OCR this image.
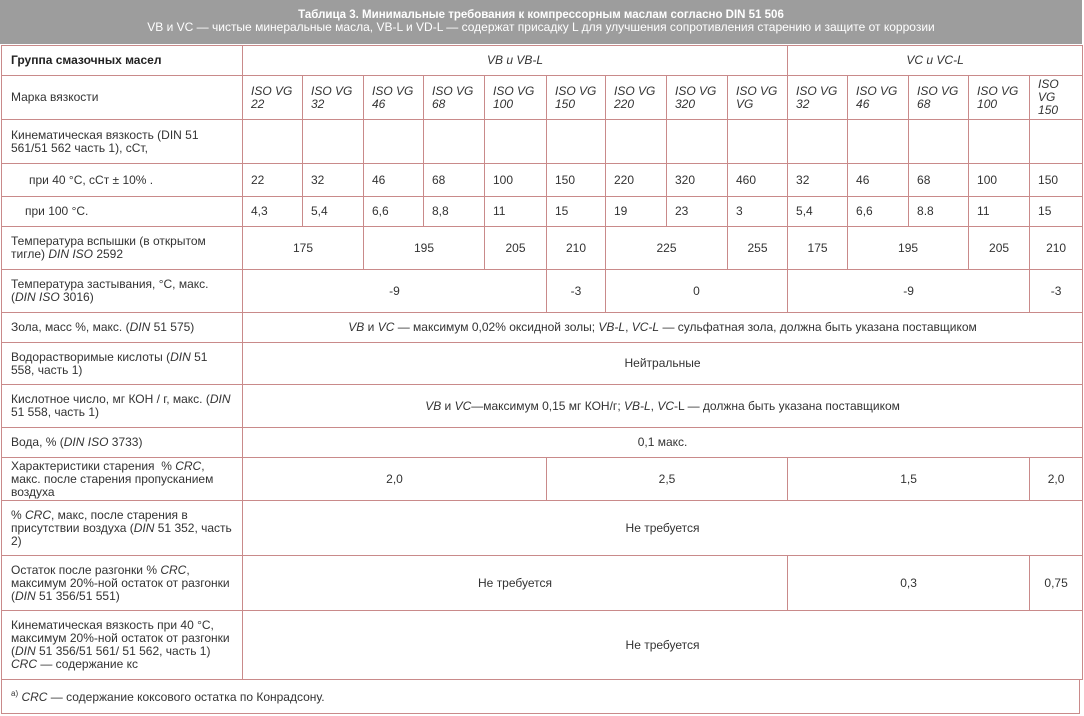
Таблица 3. Минимальные требования к компрессорным маслам согласно DIN 51 506
VB и VC — чистые минеральные масла, VB-L и VD-L — содержат присадку L для улучшения сопротивления старению и защите от коррозии
Группа смазочных масел	VB и VB-L									VC и VC-L				
Марка вязкости	ISO VG 22	ISO VG 32	ISO VG 46	ISO VG 68	ISO VG 100	ISO VG 150	ISO VG 220	ISO VG 320	ISO VG VG	ISO VG 32	ISO VG 46	ISO VG 68	ISO VG 100	ISO VG 150
Кинематическая вязкость (DIN 51 561/51 562 часть 1), сСт,														
при 40 °С, сСт ± 10% .	22	32	46	68	100	150	220	320	460	32	46	68	100	150
при 100 °С.	4,3	5,4	6,6	8,8	11	15	19	23	3	5,4	6,6	8.8	11	15
Температура вспышки (в открытом тигле) DIN ISO 2592	175		195		205	210	225		255	175	195		205	210
Температура застывания, °С, макс. (DIN ISO 3016)	-9					-3	0			-9				-3
Зола, масс %, макс. (DIN 51 575)	VB и VC — максимум 0,02% оксидной золы; VB-L, VC-L — сульфатная зола, должна быть указана поставщиком													
Водорастворимые кислоты (DIN 51 558, часть 1)	Нейтральные													
Кислотное число, мг КОН / г, макс. (DIN 51 558, часть 1)	VB и VC—максимум 0,15 мг КОН/г; VB-L, VC-L — должна быть указана поставщиком													
Вода, % (DIN ISO 3733)	0,1 макс.													
Характеристики старения  % CRC, макс. после старения пропусканием воздуха	2,0					2,5				1,5				2,0
% CRC, макс, после старения в присутствии воздуха (DIN 51 352, часть 2)	Не требуется													
Остаток после разгонки % CRC, максимум 20%-ной остаток от разгонки (DIN 51 356/51 551)	Не требуется									0,3				0,75
Кинематическая вязкость при 40 °С, максимум 20%-ной остаток от разгонки (DIN 51 356/51 561/ 51 562, часть 1) CRC — содержание кс	Не требуется													
$^{а)}$ CRC — содержание коксового остатка по Конрадсону.
